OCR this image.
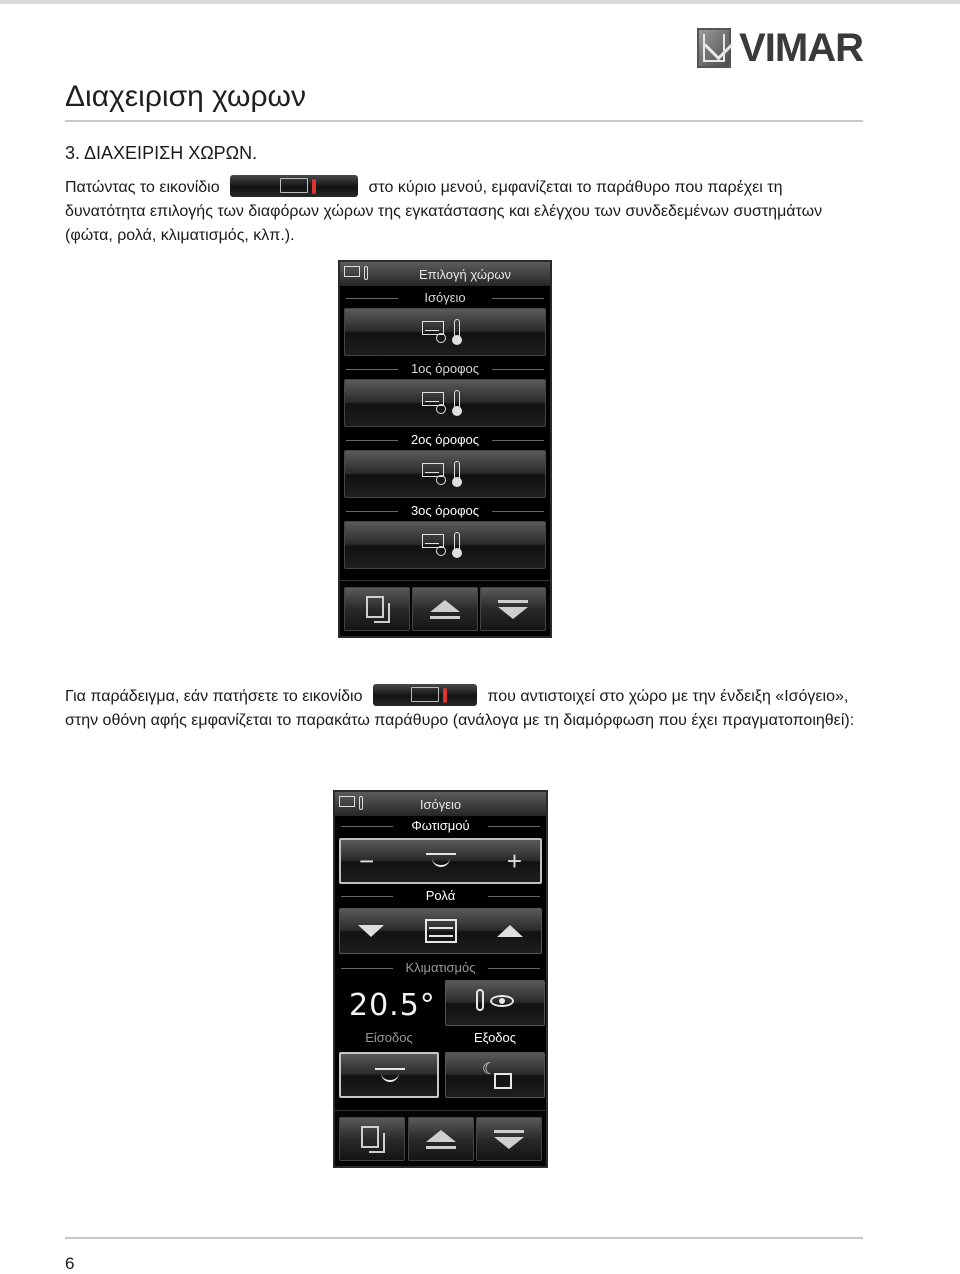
VIMAR
Διαχειριση χωρων
3. ΔΙΑΧΕΙΡΙΣΗ ΧΩΡΩΝ.
Πατώντας το εικονίδιο	στο κύριο μενού, εμφανίζεται το παράθυρο που παρέχει τη δυνατότητα επιλογής των διαφόρων χώρων της εγκατάστασης και ελέγχου των συνδεδεμένων συστημάτων (φώτα, ρολά, κλιματισμός, κλπ.).
Επιλογή χώρων
Ισόγειο
1ος όροφος
2ος όροφος
3ος όροφος
Για παράδειγμα, εάν πατήσετε το εικονίδιο	που αντιστοιχεί στο χώρο με την ένδειξη «Ισόγειο», στην οθόνη αφής εμφανίζεται το παρακάτω παράθυρο (ανάλογα με τη διαμόρφωση που έχει πραγματοποιηθεί):
Ισόγειο
Φωτισμού
−	+
Ρολά
Κλιματισμός
20.5°
Είσοδος	Εξοδος
☾
6
